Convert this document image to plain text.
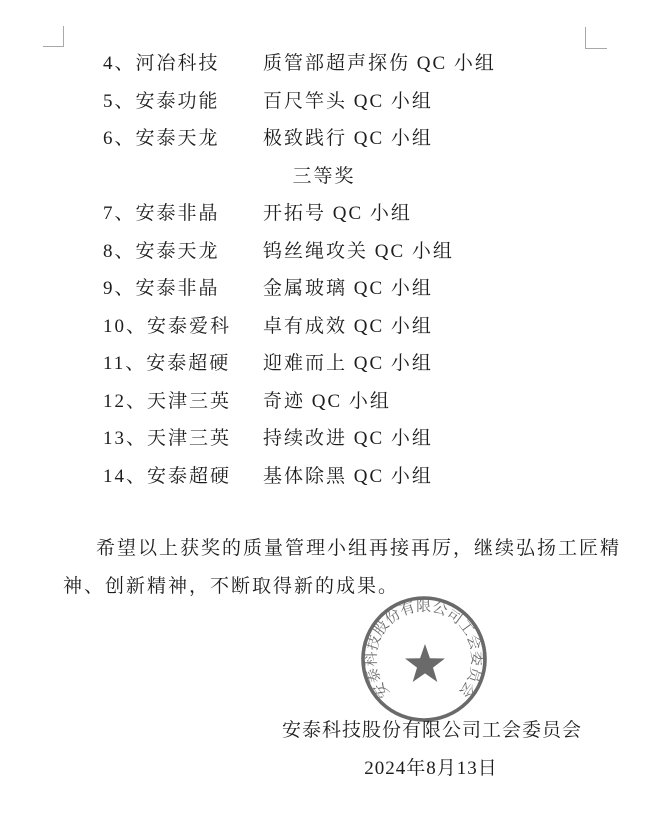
4、河冶科技 质管部超声探伤 QC 小组
5、安泰功能 百尺竿头 QC 小组
6、安泰天龙 极致践行 QC 小组
三等奖
7、安泰非晶 开拓号 QC 小组
8、安泰天龙 钨丝绳攻关 QC 小组
9、安泰非晶 金属玻璃 QC 小组
10、安泰爱科 卓有成效 QC 小组
11、安泰超硬 迎难而上 QC 小组
12、天津三英 奇迹 QC 小组
13、天津三英 持续改进 QC 小组
14、安泰超硬 基体除黑 QC 小组
希望以上获奖的质量管理小组再接再厉，继续弘扬工匠精
神、创新精神，不断取得新的成果。
安泰科技股份有限公司工会委员会
安泰科技股份有限公司工会委员会
2024年8月13日
